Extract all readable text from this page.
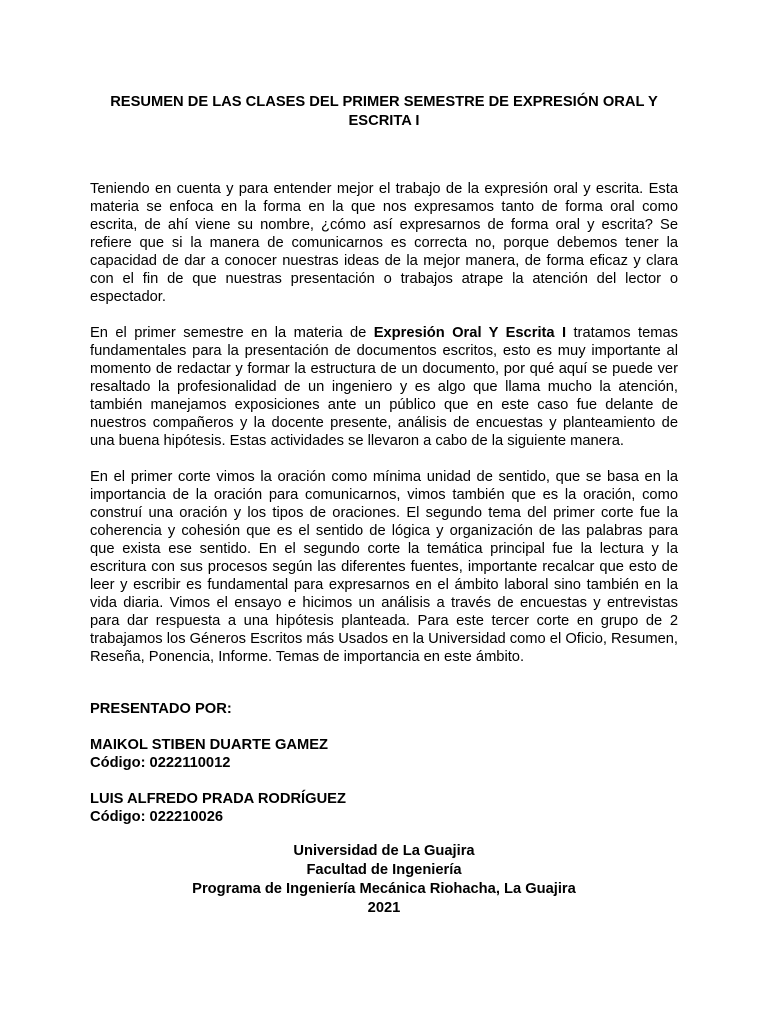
RESUMEN DE LAS CLASES DEL PRIMER SEMESTRE DE EXPRESIÓN ORAL Y ESCRITA I

Teniendo en cuenta y para entender mejor el trabajo de la expresión oral y escrita. Esta materia se enfoca en la forma en la que nos expresamos tanto de forma oral como escrita, de ahí viene su nombre, ¿cómo así expresarnos de forma oral y escrita? Se refiere que si la manera de comunicarnos es correcta no, porque debemos tener la capacidad de dar a conocer nuestras ideas de la mejor manera, de forma eficaz y clara con el fin de que nuestras presentación o trabajos atrape la atención del lector o espectador.

En el primer semestre en la materia de Expresión Oral Y Escrita I tratamos temas fundamentales para la presentación de documentos escritos, esto es muy importante al momento de redactar y formar la estructura de un documento, por qué aquí se puede ver resaltado la profesionalidad de un ingeniero y es algo que llama mucho la atención, también manejamos exposiciones ante un público que en este caso fue delante de nuestros compañeros y la docente presente, análisis de encuestas y planteamiento de una buena hipótesis. Estas actividades se llevaron a cabo de la siguiente manera.

En el primer corte vimos la oración como mínima unidad de sentido, que se basa en la importancia de la oración para comunicarnos, vimos también que es la oración, como construí una oración y los tipos de oraciones. El segundo tema del primer corte fue la coherencia y cohesión que es el sentido de lógica y organización de las palabras para que exista ese sentido. En el segundo corte la temática principal fue la lectura y la escritura con sus procesos según las diferentes fuentes, importante recalcar que esto de leer y escribir es fundamental para expresarnos en el ámbito laboral sino también en la vida diaria. Vimos el ensayo e hicimos un análisis a través de encuestas y entrevistas para dar respuesta a una hipótesis planteada. Para este tercer corte en grupo de 2 trabajamos los Géneros Escritos más Usados en la Universidad como el Oficio, Resumen, Reseña, Ponencia, Informe. Temas de importancia en este ámbito.

PRESENTADO POR:
MAIKOL STIBEN DUARTE GAMEZ
Código: 0222110012
LUIS ALFREDO PRADA RODRÍGUEZ
Código: 022210026
Universidad de La Guajira
Facultad de Ingeniería
Programa de Ingeniería Mecánica Riohacha, La Guajira
2021
